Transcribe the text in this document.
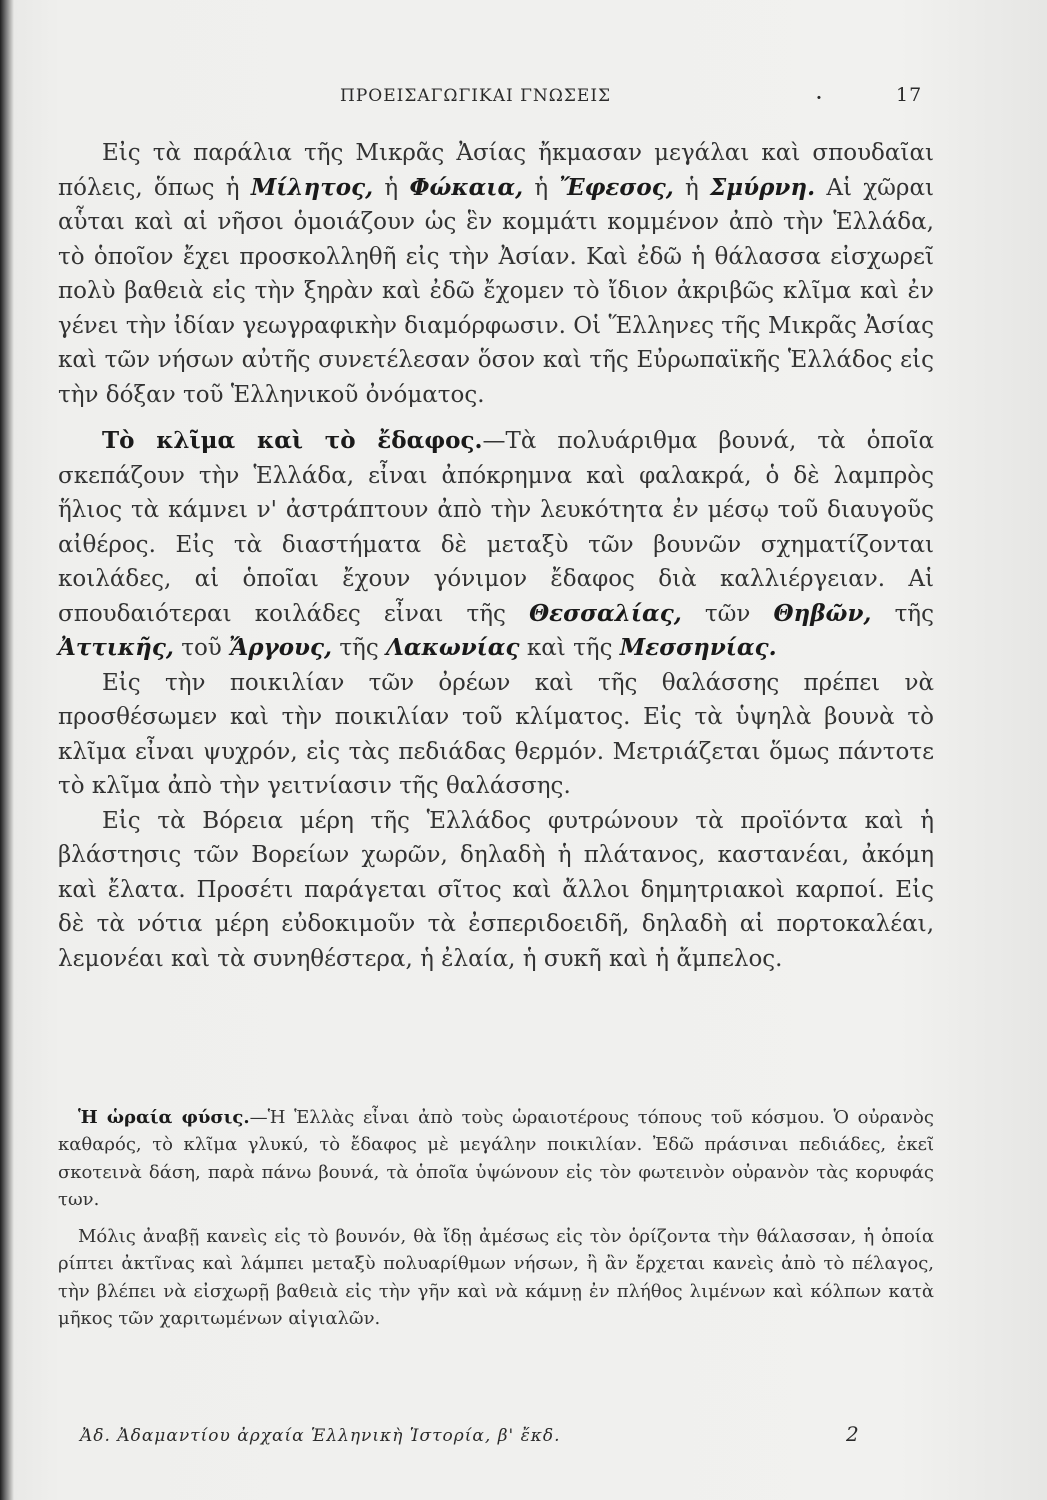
ΠΡΟΕΙΣΑΓΩΓΙΚΑΙ ΓΝΩΣΕΙΣ	.	17

Εἰς τὰ παράλια τῆς Μικρᾶς Ἀσίας ἤκμασαν μεγάλαι καὶ σπουδαῖαι πόλεις, ὅπως ἡ Μίλητος, ἡ Φώκαια, ἡ Ἔφεσος, ἡ Σμύρνη. Αἱ χῶραι αὗται καὶ αἱ νῆσοι ὁμοιάζουν ὡς ἓν κομμάτι κομμένον ἀπὸ τὴν Ἑλλάδα, τὸ ὁποῖον ἔχει προσκολληθῆ εἰς τὴν Ἀσίαν. Καὶ ἐδῶ ἡ θάλασσα εἰσχωρεῖ πολὺ βαθειὰ εἰς τὴν ξηρὰν καὶ ἐδῶ ἔχομεν τὸ ἴδιον ἀκριβῶς κλῖμα καὶ ἐν γένει τὴν ἰδίαν γεωγραφικὴν διαμόρφωσιν. Οἱ Ἕλληνες τῆς Μικρᾶς Ἀσίας καὶ τῶν νήσων αὐτῆς συνετέλεσαν ὅσον καὶ τῆς Εὐρωπαϊκῆς Ἑλλάδος εἰς τὴν δόξαν τοῦ Ἑλληνικοῦ ὀνόματος.

Τὸ κλῖμα καὶ τὸ ἔδαφος.—Τὰ πολυάριθμα βουνά, τὰ ὁποῖα σκεπάζουν τὴν Ἑλλάδα, εἶναι ἀπόκρημνα καὶ φαλακρά, ὁ δὲ λαμπρὸς ἥλιος τὰ κάμνει ν' ἀστράπτουν ἀπὸ τὴν λευκότητα ἐν μέσῳ τοῦ διαυγοῦς αἰθέρος. Εἰς τὰ διαστήματα δὲ μεταξὺ τῶν βουνῶν σχηματίζονται κοιλάδες, αἱ ὁποῖαι ἔχουν γόνιμον ἔδαφος διὰ καλλιέργειαν. Αἱ σπουδαιότεραι κοιλάδες εἶναι τῆς Θεσσαλίας, τῶν Θηβῶν, τῆς Ἀττικῆς, τοῦ Ἄργους, τῆς Λακωνίας καὶ τῆς Μεσσηνίας.

Εἰς τὴν ποικιλίαν τῶν ὀρέων καὶ τῆς θαλάσσης πρέπει νὰ προσθέσωμεν καὶ τὴν ποικιλίαν τοῦ κλίματος. Εἰς τὰ ὑψηλὰ βουνὰ τὸ κλῖμα εἶναι ψυχρόν, εἰς τὰς πεδιάδας θερμόν. Μετριάζεται ὅμως πάντοτε τὸ κλῖμα ἀπὸ τὴν γειτνίασιν τῆς θαλάσσης.

Εἰς τὰ Βόρεια μέρη τῆς Ἑλλάδος φυτρώνουν τὰ προϊόντα καὶ ἡ βλάστησις τῶν Βορείων χωρῶν, δηλαδὴ ἡ πλάτανος, καστανέαι, ἀκόμη καὶ ἔλατα. Προσέτι παράγεται σῖτος καὶ ἄλλοι δημητριακοὶ καρποί. Εἰς δὲ τὰ νότια μέρη εὐδοκιμοῦν τὰ ἐσπεριδοειδῆ, δηλαδὴ αἱ πορτοκαλέαι, λεμονέαι καὶ τὰ συνηθέστερα, ἡ ἐλαία, ἡ συκῆ καὶ ἡ ἄμπελος.

Ἡ ὡραία φύσις.—Ἡ Ἑλλὰς εἶναι ἀπὸ τοὺς ὡραιοτέρους τόπους τοῦ κόσμου. Ὁ οὐρανὸς καθαρός, τὸ κλῖμα γλυκύ, τὸ ἔδαφος μὲ μεγάλην ποικιλίαν. Ἐδῶ πράσιναι πεδιάδες, ἐκεῖ σκοτεινὰ δάση, παρὰ πάνω βουνά, τὰ ὁποῖα ὑψώνουν εἰς τὸν φωτεινὸν οὐρανὸν τὰς κορυφάς των.

Μόλις ἀναβῇ κανεὶς εἰς τὸ βουνόν, θὰ ἴδῃ ἀμέσως εἰς τὸν ὁρίζοντα τὴν θάλασσαν, ἡ ὁποία ρίπτει ἀκτῖνας καὶ λάμπει μεταξὺ πολυαρίθμων νήσων, ἢ ἂν ἔρχεται κανεὶς ἀπὸ τὸ πέλαγος, τὴν βλέπει νὰ εἰσχωρῇ βαθειὰ εἰς τὴν γῆν καὶ νὰ κάμνῃ ἐν πλήθος λιμένων καὶ κόλπων κατὰ μῆκος τῶν χαριτωμένων αἰγιαλῶν.

Ἀδ. Ἀδαμαντίου ἀρχαία Ἑλληνικὴ Ἱστορία, β' ἔκδ.	2
